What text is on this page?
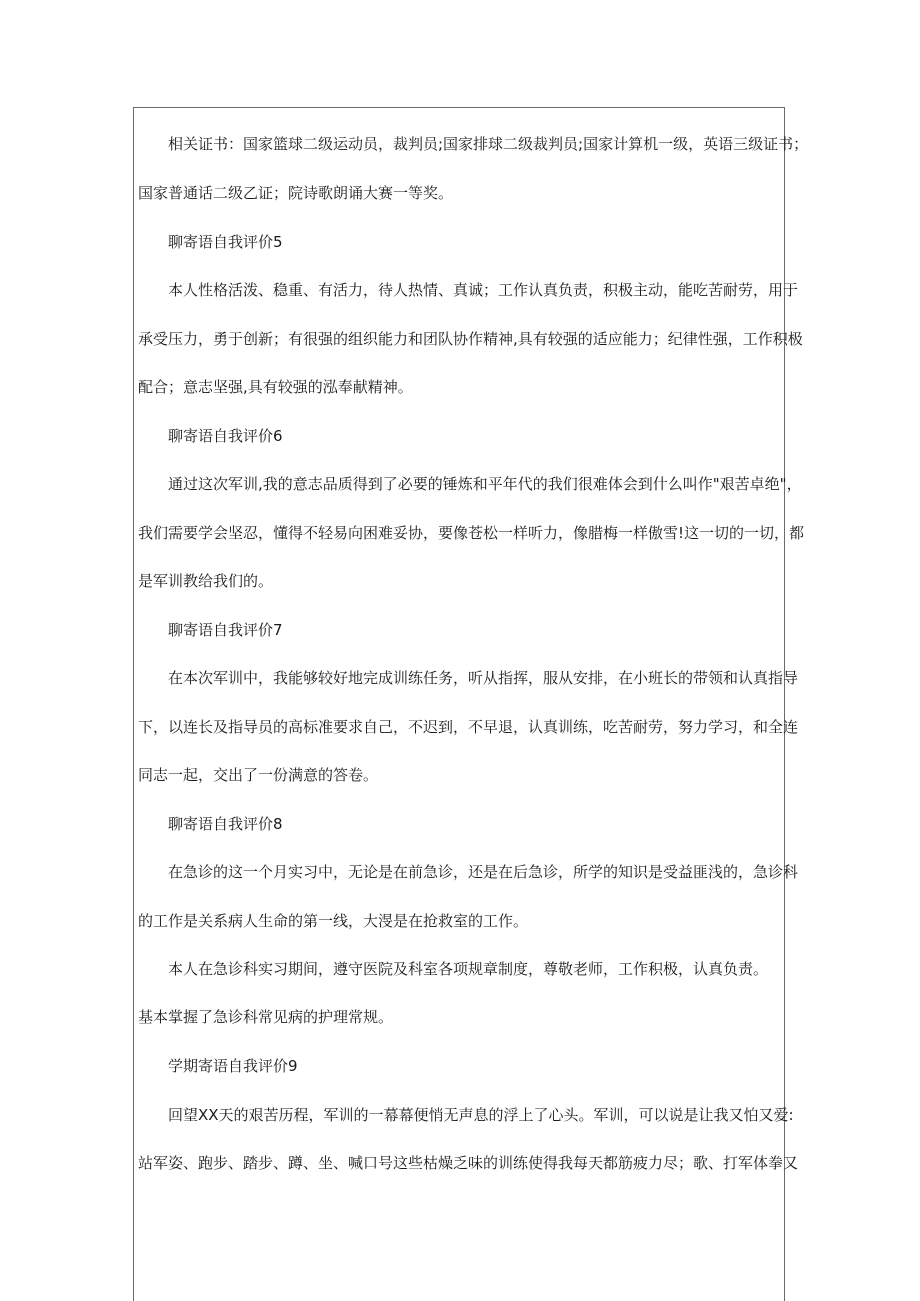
相关证书：国家篮球二级运动员，裁判员;国家排球二级裁判员;国家计算机一级，英语三级证书；
国家普通话二级乙证；院诗歌朗诵大赛一等奖。
聊寄语自我评价5
本人性格活泼、稳重、有活力，待人热情、真诚；工作认真负责，积极主动，能吃苦耐劳，用于
承受压力，勇于创新；有很强的组织能力和团队协作精神,具有较强的适应能力；纪律性强，工作积极
配合；意志坚强,具有较强的泓奉献精神。
聊寄语自我评价6
通过这次军训,我的意志品质得到了必要的锤炼和平年代的我们很难体会到什么叫作"艰苦卓绝"，
我们需要学会坚忍，懂得不轻易向困难妥协，要像苍松一样听力，像腊梅一样傲雪!这一切的一切，都
是军训教给我们的。
聊寄语自我评价7
在本次军训中，我能够较好地完成训练任务，听从指挥，服从安排，在小班长的带领和认真指导
下，以连长及指导员的高标准要求自己，不迟到，不早退，认真训练，吃苦耐劳，努力学习，和全连
同志一起，交出了一份满意的答卷。
聊寄语自我评价8
在急诊的这一个月实习中，无论是在前急诊，还是在后急诊，所学的知识是受益匪浅的，急诊科
的工作是关系病人生命的第一线，大渂是在抢救室的工作。
本人在急诊科实习期间，遵守医院及科室各项规章制度，尊敬老师，工作积极，认真负责。
基本掌握了急诊科常见病的护理常规。
学期寄语自我评价9
回望XX天的艰苦历程，军训的一幕幕便悄无声息的浮上了心头。军训，可以说是让我又怕又爱:
站军姿、跑步、踏步、蹲、坐、喊口号这些枯燥乏味的训练使得我每天都筋疲力尽；歌、打军体拳又
